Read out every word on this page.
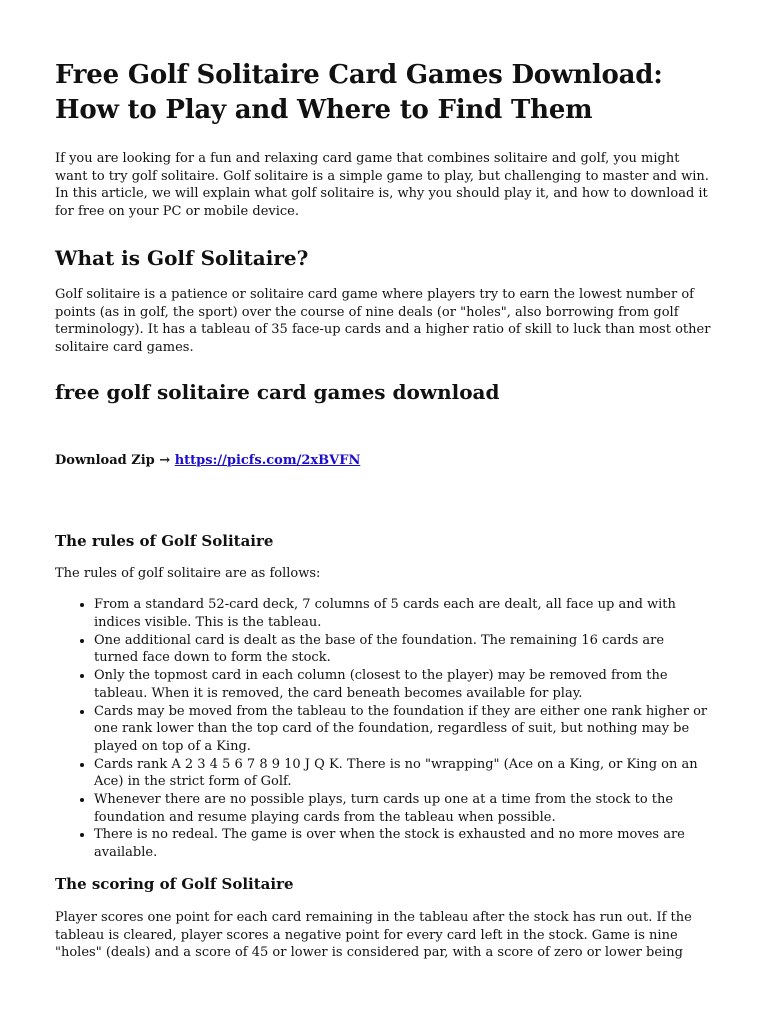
Free Golf Solitaire Card Games Download: How to Play and Where to Find Them

If you are looking for a fun and relaxing card game that combines solitaire and golf, you might want to try golf solitaire. Golf solitaire is a simple game to play, but challenging to master and win. In this article, we will explain what golf solitaire is, why you should play it, and how to download it for free on your PC or mobile device.

What is Golf Solitaire?

Golf solitaire is a patience or solitaire card game where players try to earn the lowest number of points (as in golf, the sport) over the course of nine deals (or "holes", also borrowing from golf terminology). It has a tableau of 35 face-up cards and a higher ratio of skill to luck than most other solitaire card games.

free golf solitaire card games download
Download Zip → https://picfs.com/2xBVFN
The rules of Golf Solitaire

The rules of golf solitaire are as follows:

• From a standard 52-card deck, 7 columns of 5 cards each are dealt, all face up and with indices visible. This is the tableau.
• One additional card is dealt as the base of the foundation. The remaining 16 cards are turned face down to form the stock.
• Only the topmost card in each column (closest to the player) may be removed from the tableau. When it is removed, the card beneath becomes available for play.
• Cards may be moved from the tableau to the foundation if they are either one rank higher or one rank lower than the top card of the foundation, regardless of suit, but nothing may be played on top of a King.
• Cards rank A 2 3 4 5 6 7 8 9 10 J Q K. There is no "wrapping" (Ace on a King, or King on an Ace) in the strict form of Golf.
• Whenever there are no possible plays, turn cards up one at a time from the stock to the foundation and resume playing cards from the tableau when possible.
• There is no redeal. The game is over when the stock is exhausted and no more moves are available.
The scoring of Golf Solitaire

Player scores one point for each card remaining in the tableau after the stock has run out. If the tableau is cleared, player scores a negative point for every card left in the stock. Game is nine "holes" (deals) and a score of 45 or lower is considered par, with a score of zero or lower being
